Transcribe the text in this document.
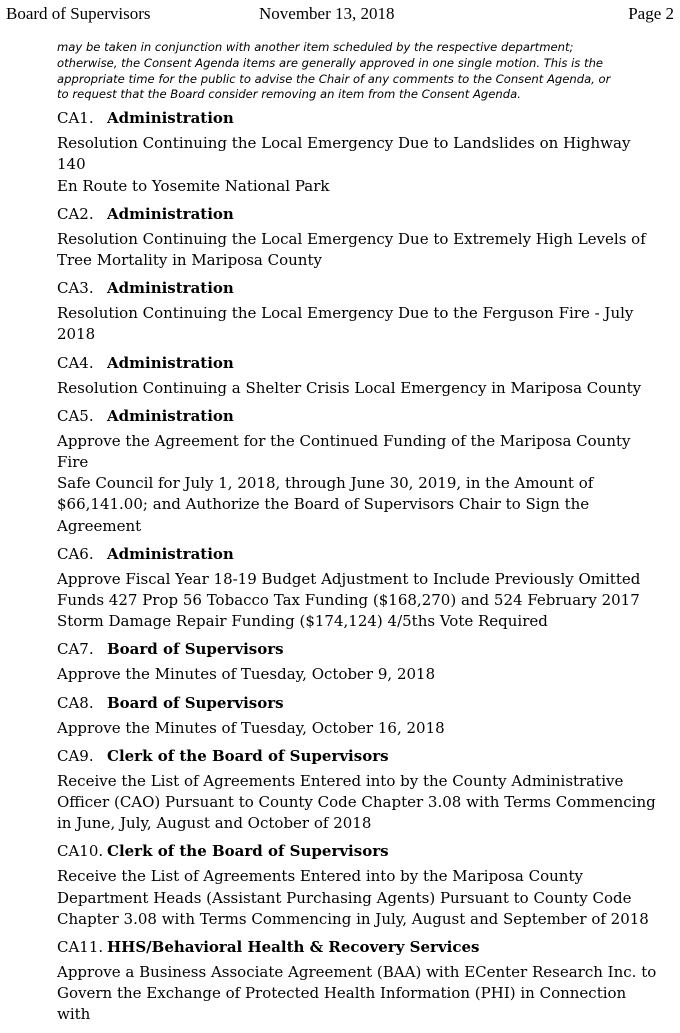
Board of Supervisors	November 13, 2018	Page 2
may be taken in conjunction with another item scheduled by the respective department;
otherwise, the Consent Agenda items are generally approved in one single motion. This is the
appropriate time for the public to advise the Chair of any comments to the Consent Agenda, or
to request that the Board consider removing an item from the Consent Agenda.
CA1. Administration
Resolution Continuing the Local Emergency Due to Landslides on Highway 140
En Route to Yosemite National Park
CA2. Administration
Resolution Continuing the Local Emergency Due to Extremely High Levels of
Tree Mortality in Mariposa County
CA3. Administration
Resolution Continuing the Local Emergency Due to the Ferguson Fire - July
2018
CA4. Administration
Resolution Continuing a Shelter Crisis Local Emergency in Mariposa County
CA5. Administration
Approve the Agreement for the Continued Funding of the Mariposa County Fire
Safe Council for July 1, 2018, through June 30, 2019, in the Amount of
$66,141.00; and Authorize the Board of Supervisors Chair to Sign the
Agreement
CA6. Administration
Approve Fiscal Year 18-19 Budget Adjustment to Include Previously Omitted
Funds 427 Prop 56 Tobacco Tax Funding ($168,270) and 524 February 2017
Storm Damage Repair Funding ($174,124) 4/5ths Vote Required
CA7. Board of Supervisors
Approve the Minutes of Tuesday, October 9, 2018
CA8. Board of Supervisors
Approve the Minutes of Tuesday, October 16, 2018
CA9. Clerk of the Board of Supervisors
Receive the List of Agreements Entered into by the County Administrative
Officer (CAO) Pursuant to County Code Chapter 3.08 with Terms Commencing
in June, July, August and October of 2018
CA10. Clerk of the Board of Supervisors
Receive the List of Agreements Entered into by the Mariposa County
Department Heads (Assistant Purchasing Agents) Pursuant to County Code
Chapter 3.08 with Terms Commencing in July, August and September of 2018
CA11. HHS/Behavioral Health & Recovery Services
Approve a Business Associate Agreement (BAA) with ECenter Research Inc. to
Govern the Exchange of Protected Health Information (PHI) in Connection with
